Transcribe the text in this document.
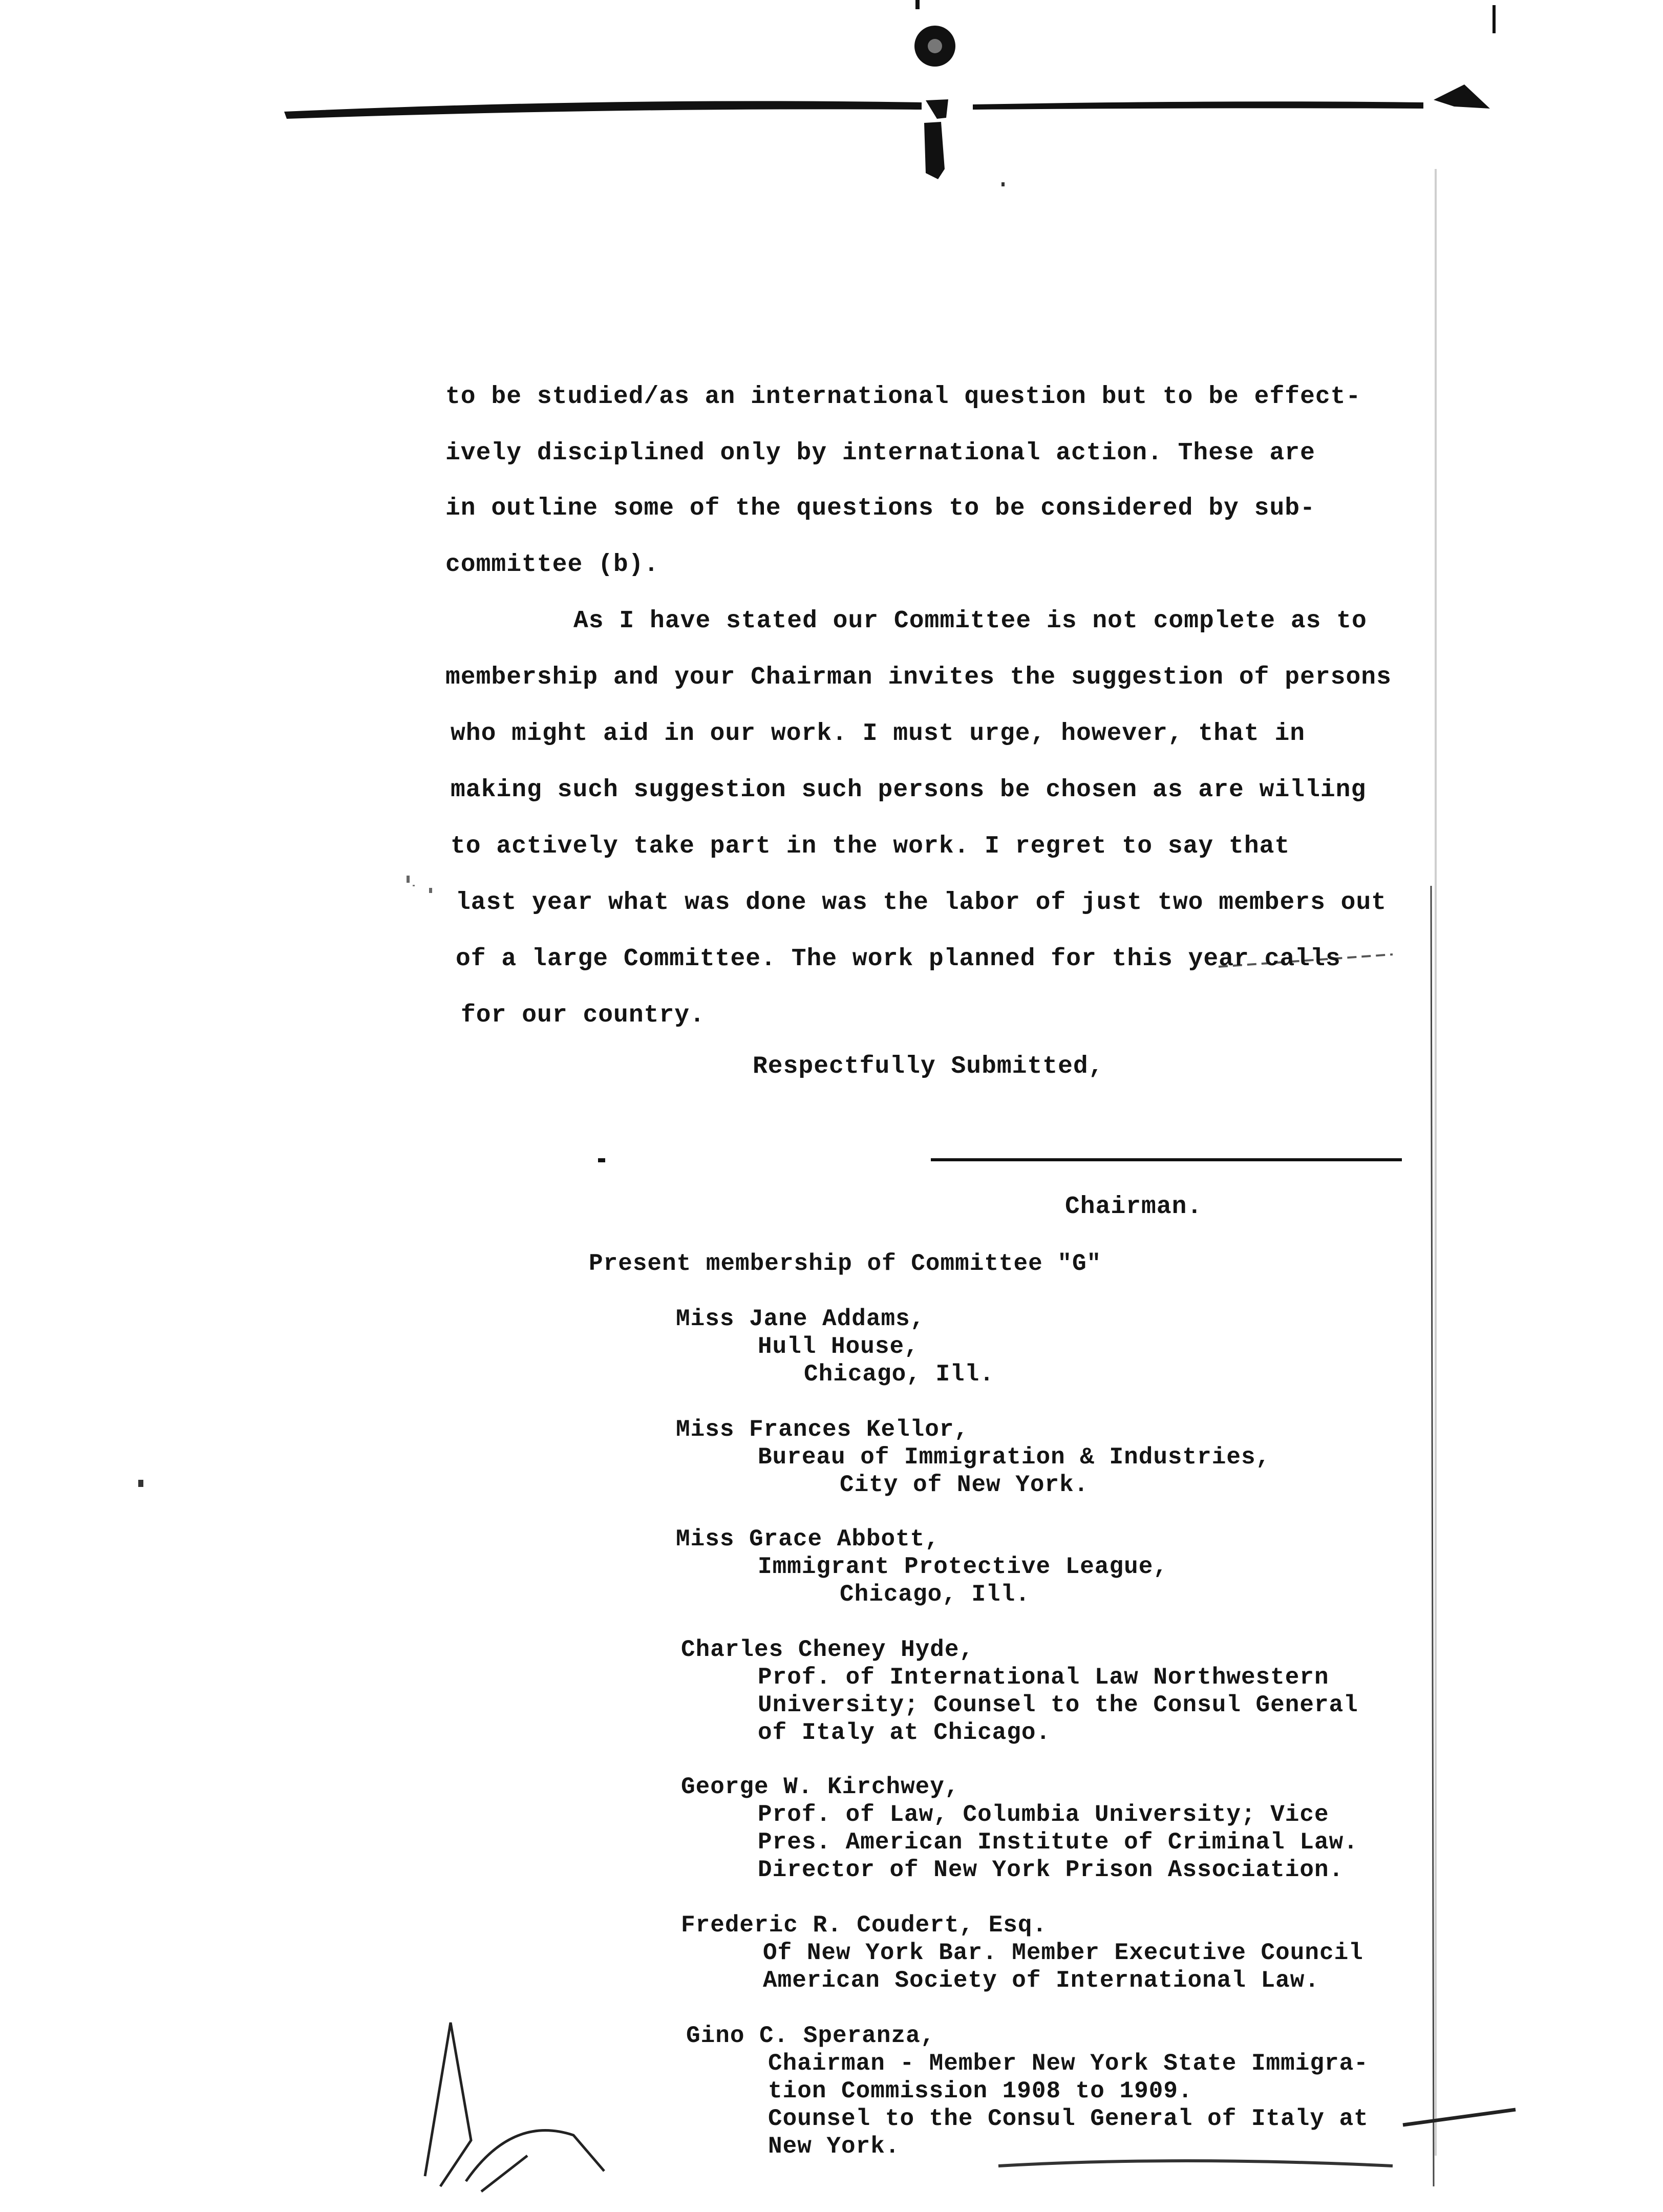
to be studied/as an international question but to be effect-
ively disciplined only by international action. These are
in outline some of the questions to be considered by sub-
committee (b).
As I have stated our Committee is not complete as to
membership and your Chairman invites the suggestion of persons
who might aid in our work. I must urge, however, that in
making such suggestion such persons be chosen as are willing
to actively take part in the work. I regret to say that
last year what was done was the labor of just two members out
of a large Committee. The work planned for this year calls
for our country.
Respectfully Submitted,
Chairman.
Present membership of Committee "G"
Miss Jane Addams,
Hull House,
Chicago, Ill.
Miss Frances Kellor,
Bureau of Immigration & Industries,
City of New York.
Miss Grace Abbott,
Immigrant Protective League,
Chicago, Ill.
Charles Cheney Hyde,
Prof. of International Law Northwestern
University; Counsel to the Consul General
of Italy at Chicago.
George W. Kirchwey,
Prof. of Law, Columbia University; Vice
Pres. American Institute of Criminal Law.
Director of New York Prison Association.
Frederic R. Coudert, Esq.
Of New York Bar. Member Executive Council
American Society of International Law.
Gino C. Speranza,
Chairman - Member New York State Immigra-
tion Commission 1908 to 1909.
Counsel to the Consul General of Italy at
New York.
